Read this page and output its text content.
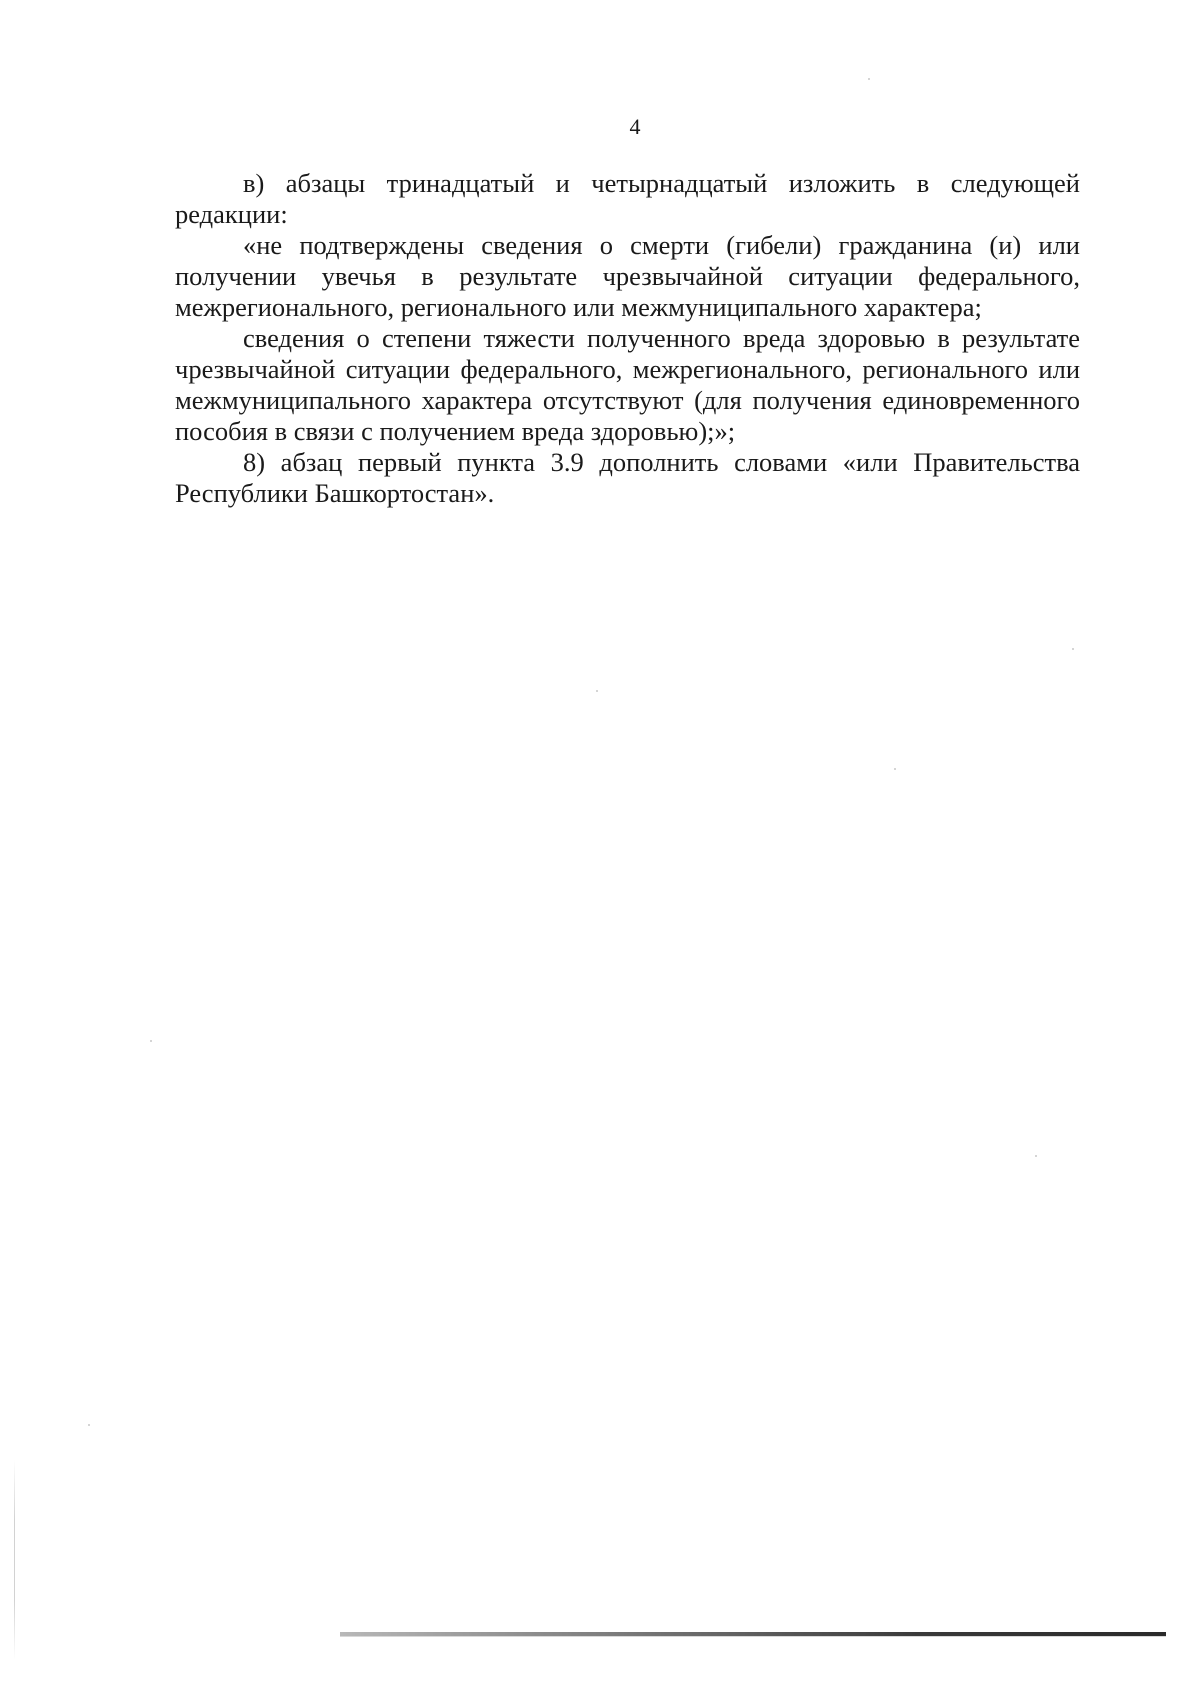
4

в) абзацы тринадцатый и четырнадцатый изложить в следующей редакции:

«не подтверждены сведения о смерти (гибели) гражданина (и) или получении увечья в результате чрезвычайной ситуации федерального, межрегионального, регионального или межмуниципального характера;

сведения о степени тяжести полученного вреда здоровью в результате чрезвычайной ситуации федерального, межрегионального, регионального или межмуниципального характера отсутствуют (для получения единовременного пособия в связи с получением вреда здоровью);»;

8) абзац первый пункта 3.9 дополнить словами «или Правительства Республики Башкортостан».
